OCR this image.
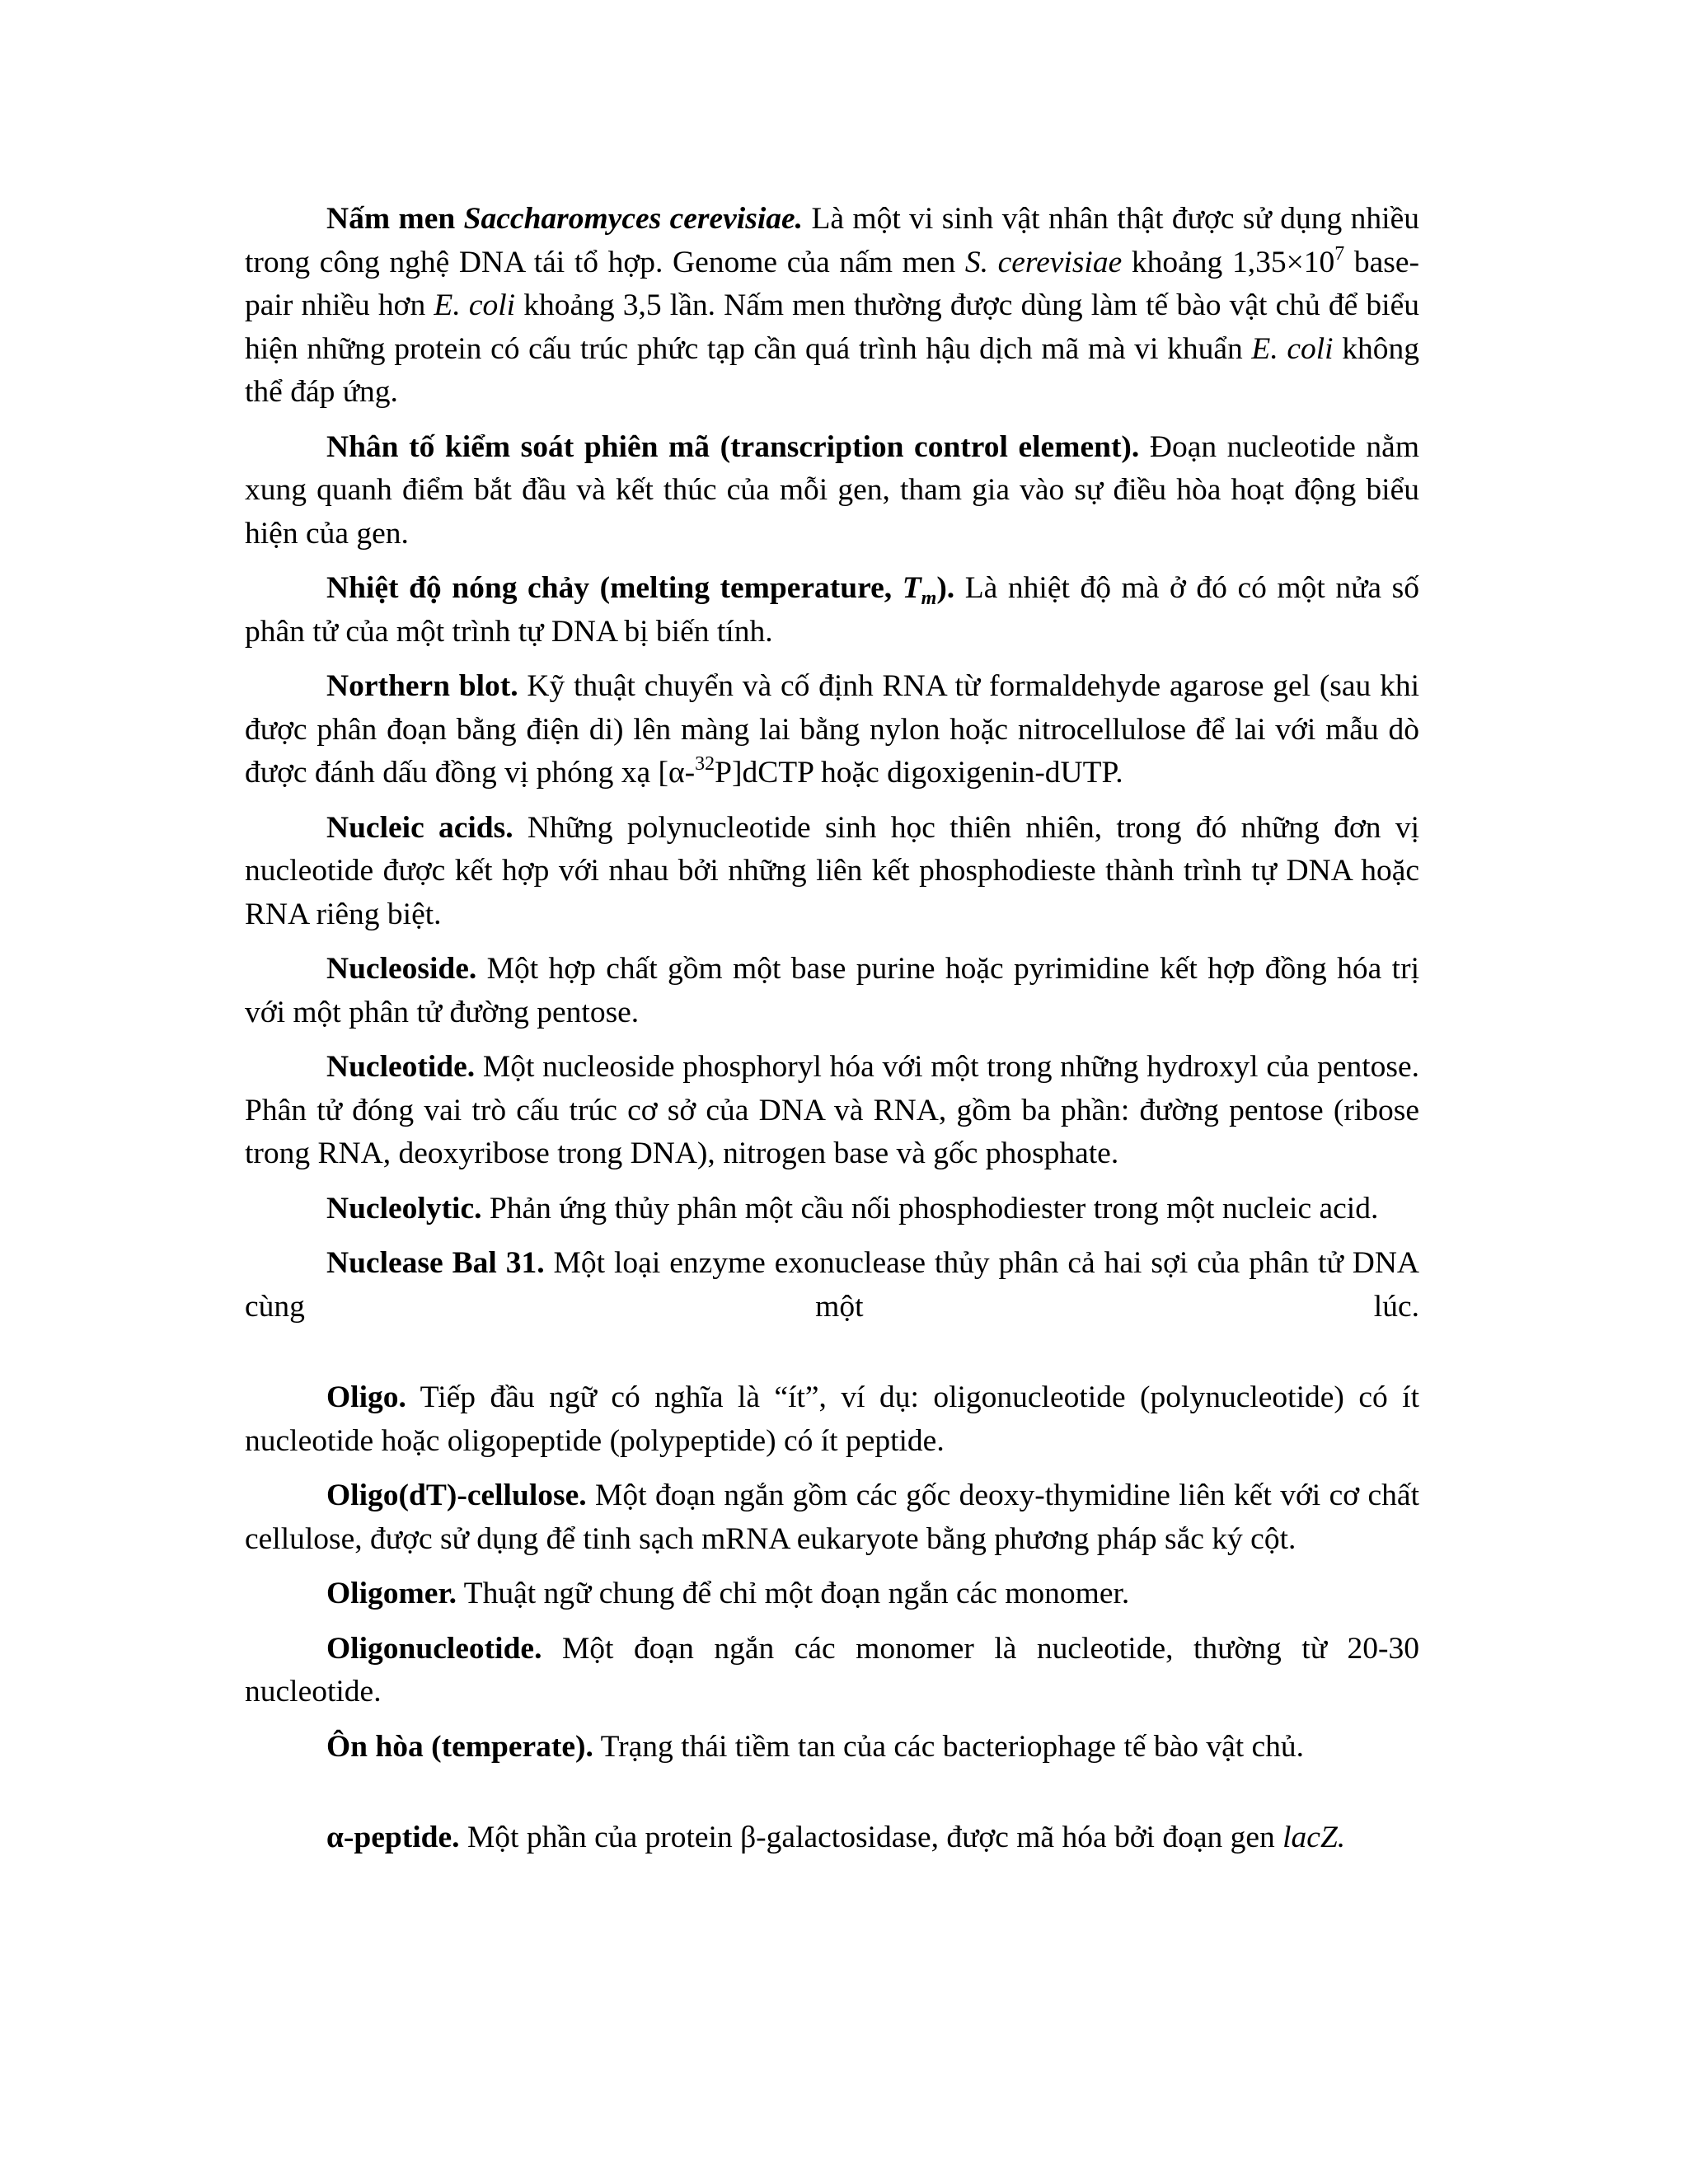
Nấm men Saccharomyces cerevisiae. Là một vi sinh vật nhân thật được sử dụng nhiều trong công nghệ DNA tái tổ hợp. Genome của nấm men S. cerevisiae khoảng $1,35\times 10^7$ base-pair nhiều hơn E. coli khoảng 3,5 lần. Nấm men thường được dùng làm tế bào vật chủ để biểu hiện những protein có cấu trúc phức tạp cần quá trình hậu dịch mã mà vi khuẩn E. coli không thể đáp ứng.

Nhân tố kiểm soát phiên mã (transcription control element). Đoạn nucleotide nằm xung quanh điểm bắt đầu và kết thúc của mỗi gen, tham gia vào sự điều hòa hoạt động biểu hiện của gen.

Nhiệt độ nóng chảy (melting temperature, $T_m$). Là nhiệt độ mà ở đó có một nửa số phân tử của một trình tự DNA bị biến tính.

Northern blot. Kỹ thuật chuyển và cố định RNA từ formaldehyde agarose gel (sau khi được phân đoạn bằng điện di) lên màng lai bằng nylon hoặc nitrocellulose để lai với mẫu dò được đánh dấu đồng vị phóng xạ [α-$^{32}$P]dCTP hoặc digoxigenin-dUTP.

Nucleic acids. Những polynucleotide sinh học thiên nhiên, trong đó những đơn vị nucleotide được kết hợp với nhau bởi những liên kết phosphodieste thành trình tự DNA hoặc RNA riêng biệt.

Nucleoside. Một hợp chất gồm một base purine hoặc pyrimidine kết hợp đồng hóa trị với một phân tử đường pentose.

Nucleotide. Một nucleoside phosphoryl hóa với một trong những hydroxyl của pentose. Phân tử đóng vai trò cấu trúc cơ sở của DNA và RNA, gồm ba phần: đường pentose (ribose trong RNA, deoxyribose trong DNA), nitrogen base và gốc phosphate.

Nucleolytic. Phản ứng thủy phân một cầu nối phosphodiester trong một nucleic acid.

Nuclease Bal 31. Một loại enzyme exonuclease thủy phân cả hai sợi của phân tử DNA cùng một lúc.

Oligo. Tiếp đầu ngữ có nghĩa là “ít”, ví dụ: oligonucleotide (polynucleotide) có ít nucleotide hoặc oligopeptide (polypeptide) có ít peptide.

Oligo(dT)-cellulose. Một đoạn ngắn gồm các gốc deoxy-thymidine liên kết với cơ chất cellulose, được sử dụng để tinh sạch mRNA eukaryote bằng phương pháp sắc ký cột.

Oligomer. Thuật ngữ chung để chỉ một đoạn ngắn các monomer.

Oligonucleotide. Một đoạn ngắn các monomer là nucleotide, thường từ 20-30 nucleotide.

Ôn hòa (temperate). Trạng thái tiềm tan của các bacteriophage tế bào vật chủ.

α-peptide. Một phần của protein β-galactosidase, được mã hóa bởi đoạn gen lacZ.
